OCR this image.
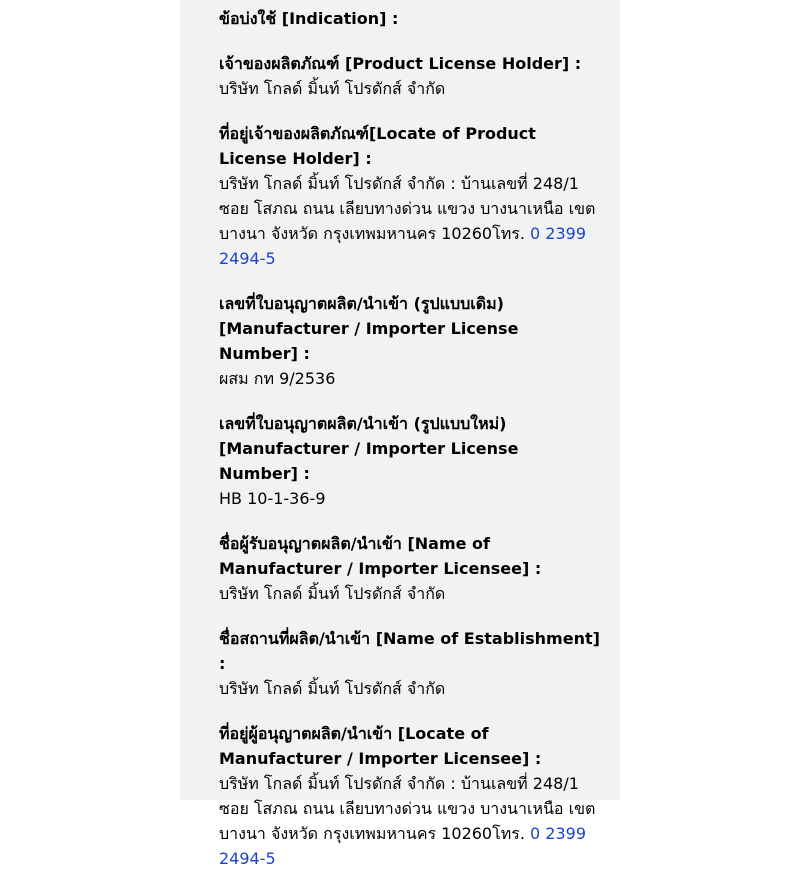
ข้อบ่งใช้ [Indication] :
เจ้าของผลิตภัณฑ์ [Product License Holder] :
บริษัท โกลด์ มิ้นท์ โปรดักส์ จำกัด
ที่อยู่เจ้าของผลิตภัณฑ์[Locate of Product License Holder] :
บริษัท โกลด์ มิ้นท์ โปรดักส์ จำกัด : บ้านเลขที่ 248/1 ซอย โสภณ ถนน เลียบทางด่วน แขวง บางนาเหนือ เขต บางนา จังหวัด กรุงเทพมหานคร 10260โทร. 0 2399 2494-5
เลขที่ใบอนุญาตผลิต/นำเข้า (รูปแบบเดิม) [Manufacturer / Importer License Number] :
ผสม กท 9/2536
เลขที่ใบอนุญาตผลิต/นำเข้า (รูปแบบใหม่) [Manufacturer / Importer License Number] :
HB 10-1-36-9
ชื่อผู้รับอนุญาตผลิต/นำเข้า [Name of Manufacturer / Importer Licensee] :
บริษัท โกลด์ มิ้นท์ โปรดักส์ จำกัด
ชื่อสถานที่ผลิต/นำเข้า [Name of Establishment] :
บริษัท โกลด์ มิ้นท์ โปรดักส์ จำกัด
ที่อยู่ผู้อนุญาตผลิต/นำเข้า [Locate of Manufacturer / Importer Licensee] :
บริษัท โกลด์ มิ้นท์ โปรดักส์ จำกัด : บ้านเลขที่ 248/1 ซอย โสภณ ถนน เลียบทางด่วน แขวง บางนาเหนือ เขต บางนา จังหวัด กรุงเทพมหานคร 10260โทร. 0 2399 2494-5
